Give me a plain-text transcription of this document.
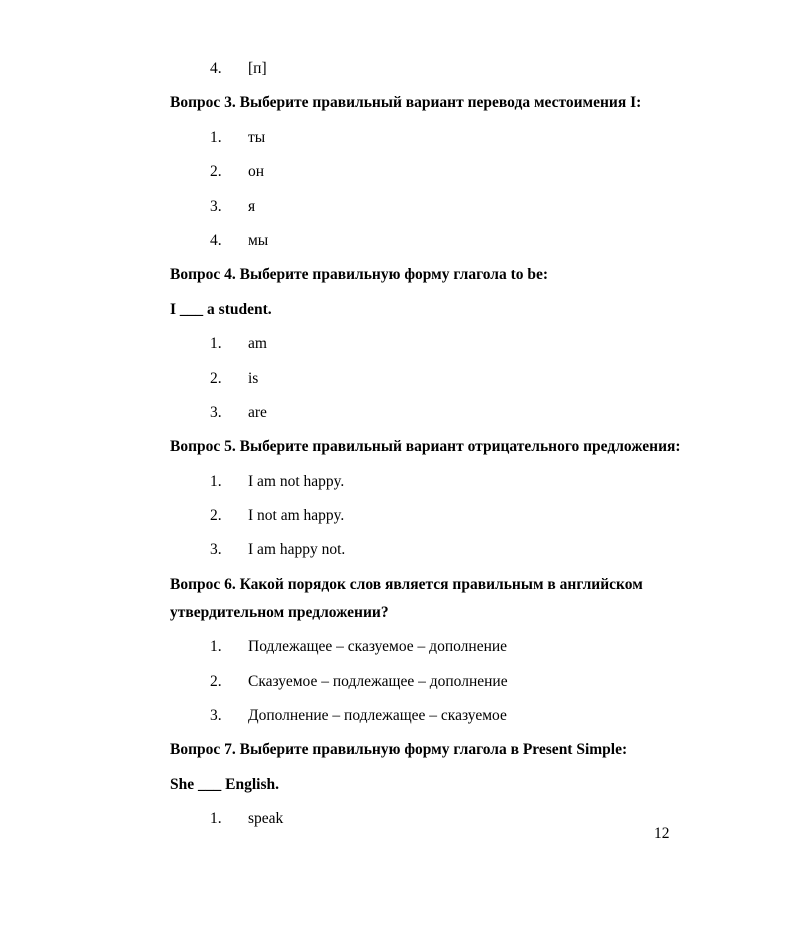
4.	[п]

Вопрос 3. Выберите правильный вариант перевода местоимения I:

1.	ты
2.	он
3.	я
4.	мы

Вопрос 4. Выберите правильную форму глагола to be:

I ___ a student.

1.	am
2.	is
3.	are

Вопрос 5. Выберите правильный вариант отрицательного предложения:

1.	I am not happy.
2.	I not am happy.
3.	I am happy not.

Вопрос 6. Какой порядок слов является правильным в английском утвердительном предложении?

1.	Подлежащее – сказуемое – дополнение
2.	Сказуемое – подлежащее – дополнение
3.	Дополнение – подлежащее – сказуемое

Вопрос 7. Выберите правильную форму глагола в Present Simple:

She ___ English.

1.	speak
12
